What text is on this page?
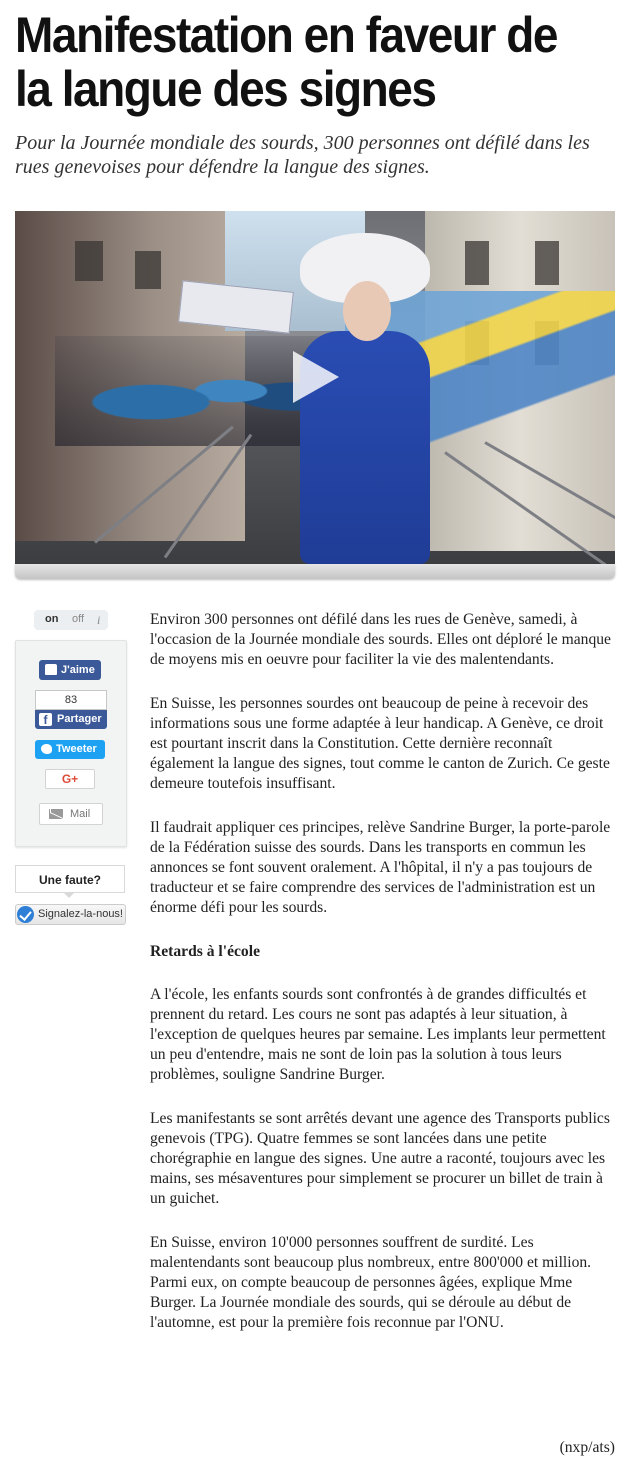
Manifestation en faveur de la langue des signes

Pour la Journée mondiale des sourds, 300 personnes ont défilé dans les rues genevoises pour défendre la langue des signes.

on off i
J'aime
83
f Partager
Tweeter
G+
Mail
Une faute?
Signalez-la-nous!

Environ 300 personnes ont défilé dans les rues de Genève, samedi, à l'occasion de la Journée mondiale des sourds. Elles ont déploré le manque de moyens mis en oeuvre pour faciliter la vie des malentendants.

En Suisse, les personnes sourdes ont beaucoup de peine à recevoir des informations sous une forme adaptée à leur handicap. A Genève, ce droit est pourtant inscrit dans la Constitution. Cette dernière reconnaît également la langue des signes, tout comme le canton de Zurich. Ce geste demeure toutefois insuffisant.

Il faudrait appliquer ces principes, relève Sandrine Burger, la porte-parole de la Fédération suisse des sourds. Dans les transports en commun les annonces se font souvent oralement. A l'hôpital, il n'y a pas toujours de traducteur et se faire comprendre des services de l'administration est un énorme défi pour les sourds.

Retards à l'école

A l'école, les enfants sourds sont confrontés à de grandes difficultés et prennent du retard. Les cours ne sont pas adaptés à leur situation, à l'exception de quelques heures par semaine. Les implants leur permettent un peu d'entendre, mais ne sont de loin pas la solution à tous leurs problèmes, souligne Sandrine Burger.

Les manifestants se sont arrêtés devant une agence des Transports publics genevois (TPG). Quatre femmes se sont lancées dans une petite chorégraphie en langue des signes. Une autre a raconté, toujours avec les mains, ses mésaventures pour simplement se procurer un billet de train à un guichet.

En Suisse, environ 10'000 personnes souffrent de surdité. Les malentendants sont beaucoup plus nombreux, entre 800'000 et million. Parmi eux, on compte beaucoup de personnes âgées, explique Mme Burger. La Journée mondiale des sourds, qui se déroule au début de l'automne, est pour la première fois reconnue par l'ONU.

(nxp/ats)
